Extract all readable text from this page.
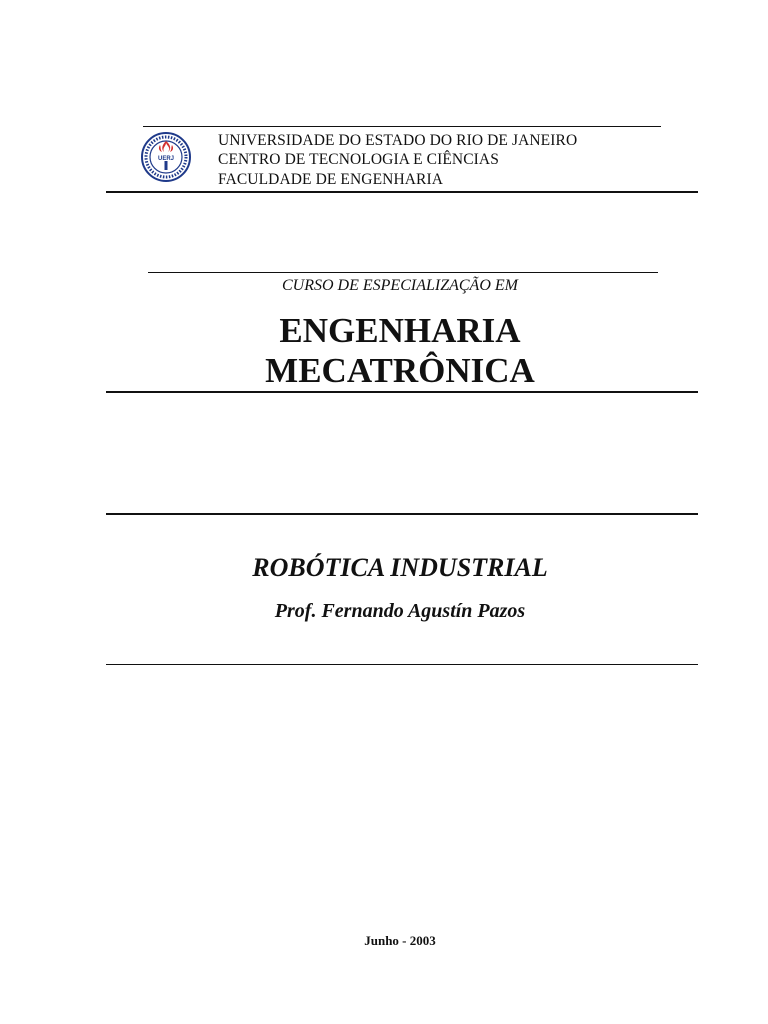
UERJ
UNIVERSIDADE DO ESTADO DO RIO DE JANEIRO
CENTRO DE TECNOLOGIA E CIÊNCIAS
FACULDADE DE ENGENHARIA
CURSO DE ESPECIALIZAÇÃO EM
ENGENHARIA
MECATRÔNICA
ROBÓTICA INDUSTRIAL
Prof. Fernando Agustín Pazos
Junho - 2003
